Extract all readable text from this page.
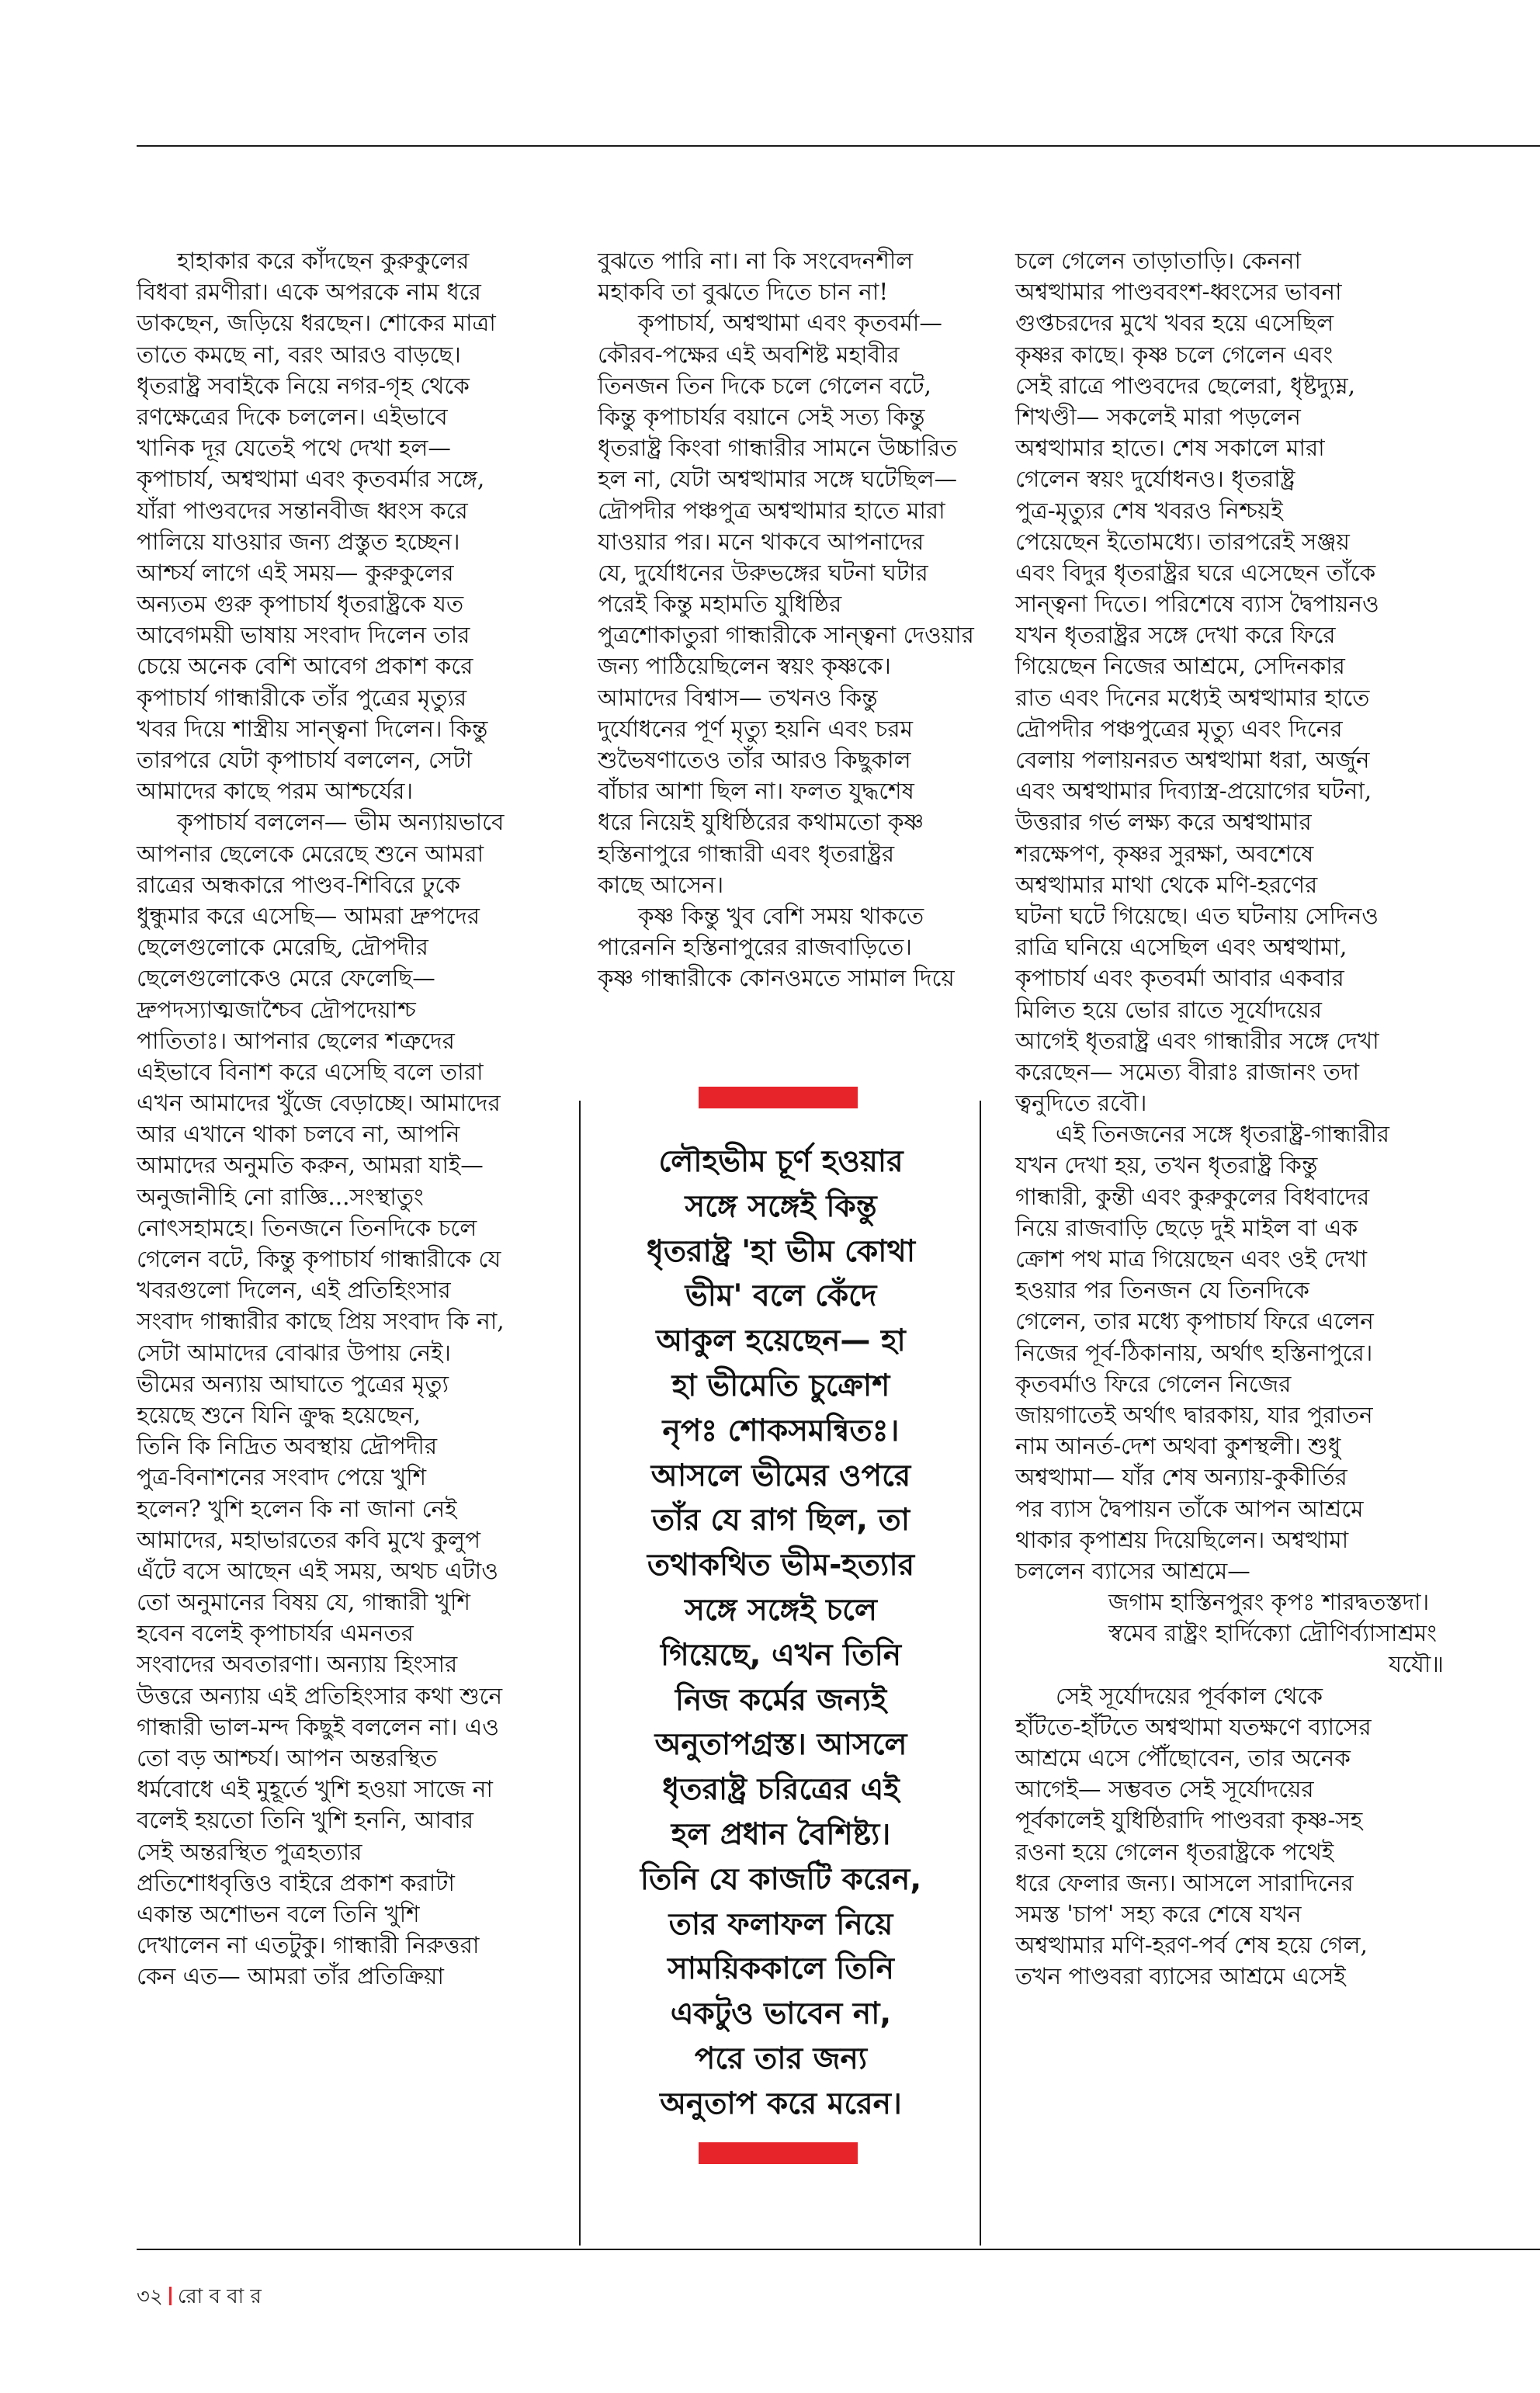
হাহাকার করে কাঁদছেন কুরুকুলের
বিধবা রমণীরা। একে অপরকে নাম ধরে
ডাকছেন, জড়িয়ে ধরছেন। শোকের মাত্রা
তাতে কমছে না, বরং আরও বাড়ছে।
ধৃতরাষ্ট্র সবাইকে নিয়ে নগর-গৃহ থেকে
রণক্ষেত্রের দিকে চললেন। এইভাবে
খানিক দূর যেতেই পথে দেখা হল—
কৃপাচার্য, অশ্বত্থামা এবং কৃতবর্মার সঙ্গে,
যাঁরা পাণ্ডবদের সন্তানবীজ ধ্বংস করে
পালিয়ে যাওয়ার জন্য প্রস্তুত হচ্ছেন।
আশ্চর্য লাগে এই সময়— কুরুকুলের
অন্যতম গুরু কৃপাচার্য ধৃতরাষ্ট্রকে যত
আবেগময়ী ভাষায় সংবাদ দিলেন তার
চেয়ে অনেক বেশি আবেগ প্রকাশ করে
কৃপাচার্য গান্ধারীকে তাঁর পুত্রের মৃত্যুর
খবর দিয়ে শাস্ত্রীয় সান্ত্বনা দিলেন। কিন্তু
তারপরে যেটা কৃপাচার্য বললেন, সেটা
আমাদের কাছে পরম আশ্চর্যের।
কৃপাচার্য বললেন— ভীম অন্যায়ভাবে
আপনার ছেলেকে মেরেছে শুনে আমরা
রাত্রের অন্ধকারে পাণ্ডব-শিবিরে ঢুকে
ধুন্ধুমার করে এসেছি— আমরা দ্রুপদের
ছেলেগুলোকে মেরেছি, দ্রৌপদীর
ছেলেগুলোকেও মেরে ফেলেছি—
দ্রুপদস্যাত্মজাশ্চৈব দ্রৌপদেয়াশ্চ
পাতিতাঃ। আপনার ছেলের শত্রুদের
এইভাবে বিনাশ করে এসেছি বলে তারা
এখন আমাদের খুঁজে বেড়াচ্ছে। আমাদের
আর এখানে থাকা চলবে না, আপনি
আমাদের অনুমতি করুন, আমরা যাই—
অনুজানীহি নো রাজ্ঞি...সংস্থাতুং
নোৎসহামহে। তিনজনে তিনদিকে চলে
গেলেন বটে, কিন্তু কৃপাচার্য গান্ধারীকে যে
খবরগুলো দিলেন, এই প্রতিহিংসার
সংবাদ গান্ধারীর কাছে প্রিয় সংবাদ কি না,
সেটা আমাদের বোঝার উপায় নেই।
ভীমের অন্যায় আঘাতে পুত্রের মৃত্যু
হয়েছে শুনে যিনি ক্রুদ্ধ হয়েছেন,
তিনি কি নিদ্রিত অবস্থায় দ্রৌপদীর
পুত্র-বিনাশনের সংবাদ পেয়ে খুশি
হলেন? খুশি হলেন কি না জানা নেই
আমাদের, মহাভারতের কবি মুখে কুলুপ
এঁটে বসে আছেন এই সময়, অথচ এটাও
তো অনুমানের বিষয় যে, গান্ধারী খুশি
হবেন বলেই কৃপাচার্যর এমনতর
সংবাদের অবতারণা। অন্যায় হিংসার
উত্তরে অন্যায় এই প্রতিহিংসার কথা শুনে
গান্ধারী ভাল-মন্দ কিছুই বললেন না। এও
তো বড় আশ্চর্য। আপন অন্তরস্থিত
ধর্মবোধে এই মুহূর্তে খুশি হওয়া সাজে না
বলেই হয়তো তিনি খুশি হননি, আবার
সেই অন্তরস্থিত পুত্রহত্যার
প্রতিশোধবৃত্তিও বাইরে প্রকাশ করাটা
একান্ত অশোভন বলে তিনি খুশি
দেখালেন না এতটুকু। গান্ধারী নিরুত্তরা
কেন এত— আমরা তাঁর প্রতিক্রিয়া
বুঝতে পারি না। না কি সংবেদনশীল
মহাকবি তা বুঝতে দিতে চান না!
কৃপাচার্য, অশ্বত্থামা এবং কৃতবর্মা—
কৌরব-পক্ষের এই অবশিষ্ট মহাবীর
তিনজন তিন দিকে চলে গেলেন বটে,
কিন্তু কৃপাচার্যর বয়ানে সেই সত্য কিন্তু
ধৃতরাষ্ট্র কিংবা গান্ধারীর সামনে উচ্চারিত
হল না, যেটা অশ্বত্থামার সঙ্গে ঘটেছিল—
দ্রৌপদীর পঞ্চপুত্র অশ্বত্থামার হাতে মারা
যাওয়ার পর। মনে থাকবে আপনাদের
যে, দুর্যোধনের উরুভঙ্গের ঘটনা ঘটার
পরেই কিন্তু মহামতি যুধিষ্ঠির
পুত্রশোকাতুরা গান্ধারীকে সান্ত্বনা দেওয়ার
জন্য পাঠিয়েছিলেন স্বয়ং কৃষ্ণকে।
আমাদের বিশ্বাস— তখনও কিন্তু
দুর্যোধনের পূর্ণ মৃত্যু হয়নি এবং চরম
শুভৈষণাতেও তাঁর আরও কিছুকাল
বাঁচার আশা ছিল না। ফলত যুদ্ধশেষ
ধরে নিয়েই যুধিষ্ঠিরের কথামতো কৃষ্ণ
হস্তিনাপুরে গান্ধারী এবং ধৃতরাষ্ট্রর
কাছে আসেন।
কৃষ্ণ কিন্তু খুব বেশি সময় থাকতে
পারেননি হস্তিনাপুরের রাজবাড়িতে।
কৃষ্ণ গান্ধারীকে কোনওমতে সামাল দিয়ে
লৌহভীম চূর্ণ হওয়ার
সঙ্গে সঙ্গেই কিন্তু
ধৃতরাষ্ট্র 'হা ভীম কোথা
ভীম' বলে কেঁদে
আকুল হয়েছেন— হা
হা ভীমেতি চুক্রোশ
নৃপঃ শোকসমন্বিতঃ।
আসলে ভীমের ওপরে
তাঁর যে রাগ ছিল, তা
তথাকথিত ভীম-হত্যার
সঙ্গে সঙ্গেই চলে
গিয়েছে, এখন তিনি
নিজ কর্মের জন্যই
অনুতাপগ্রস্ত। আসলে
ধৃতরাষ্ট্র চরিত্রের এই
হল প্রধান বৈশিষ্ট্য।
তিনি যে কাজটি করেন,
তার ফলাফল নিয়ে
সাময়িককালে তিনি
একটুও ভাবেন না,
পরে তার জন্য
অনুতাপ করে মরেন।
চলে গেলেন তাড়াতাড়ি। কেননা
অশ্বত্থামার পাণ্ডববংশ-ধ্বংসের ভাবনা
গুপ্তচরদের মুখে খবর হয়ে এসেছিল
কৃষ্ণর কাছে। কৃষ্ণ চলে গেলেন এবং
সেই রাত্রে পাণ্ডবদের ছেলেরা, ধৃষ্টদ্যুম্ন,
শিখণ্ডী— সকলেই মারা পড়লেন
অশ্বত্থামার হাতে। শেষ সকালে মারা
গেলেন স্বয়ং দুর্যোধনও। ধৃতরাষ্ট্র
পুত্র-মৃত্যুর শেষ খবরও নিশ্চয়ই
পেয়েছেন ইতোমধ্যে। তারপরেই সঞ্জয়
এবং বিদুর ধৃতরাষ্ট্রর ঘরে এসেছেন তাঁকে
সান্ত্বনা দিতে। পরিশেষে ব্যাস দ্বৈপায়নও
যখন ধৃতরাষ্ট্রর সঙ্গে দেখা করে ফিরে
গিয়েছেন নিজের আশ্রমে, সেদিনকার
রাত এবং দিনের মধ্যেই অশ্বত্থামার হাতে
দ্রৌপদীর পঞ্চপুত্রের মৃত্যু এবং দিনের
বেলায় পলায়নরত অশ্বত্থামা ধরা, অর্জুন
এবং অশ্বত্থামার দিব্যাস্ত্র-প্রয়োগের ঘটনা,
উত্তরার গর্ভ লক্ষ্য করে অশ্বত্থামার
শরক্ষেপণ, কৃষ্ণর সুরক্ষা, অবশেষে
অশ্বত্থামার মাথা থেকে মণি-হরণের
ঘটনা ঘটে গিয়েছে। এত ঘটনায় সেদিনও
রাত্রি ঘনিয়ে এসেছিল এবং অশ্বত্থামা,
কৃপাচার্য এবং কৃতবর্মা আবার একবার
মিলিত হয়ে ভোর রাতে সূর্যোদয়ের
আগেই ধৃতরাষ্ট্র এবং গান্ধারীর সঙ্গে দেখা
করেছেন— সমেত্য বীরাঃ রাজানং তদা
ত্বনুদিতে রবৌ।
এই তিনজনের সঙ্গে ধৃতরাষ্ট্র-গান্ধারীর
যখন দেখা হয়, তখন ধৃতরাষ্ট্র কিন্তু
গান্ধারী, কুন্তী এবং কুরুকুলের বিধবাদের
নিয়ে রাজবাড়ি ছেড়ে দুই মাইল বা এক
ক্রোশ পথ মাত্র গিয়েছেন এবং ওই দেখা
হওয়ার পর তিনজন যে তিনদিকে
গেলেন, তার মধ্যে কৃপাচার্য ফিরে এলেন
নিজের পূর্ব-ঠিকানায়, অর্থাৎ হস্তিনাপুরে।
কৃতবর্মাও ফিরে গেলেন নিজের
জায়গাতেই অর্থাৎ দ্বারকায়, যার পুরাতন
নাম আনর্ত-দেশ অথবা কুশস্থলী। শুধু
অশ্বত্থামা— যাঁর শেষ অন্যায়-কুকীর্তির
পর ব্যাস দ্বৈপায়ন তাঁকে আপন আশ্রমে
থাকার কৃপাশ্রয় দিয়েছিলেন। অশ্বত্থামা
চললেন ব্যাসের আশ্রমে—
জগাম হাস্তিনপুরং কৃপঃ শারদ্বতস্তদা।
স্বমেব রাষ্ট্রং হার্দিক্যো দ্রৌণির্ব্যাসাশ্রমং
যযৌ॥
সেই সূর্যোদয়ের পূর্বকাল থেকে
হাঁটতে-হাঁটতে অশ্বত্থামা যতক্ষণে ব্যাসের
আশ্রমে এসে পৌঁছোবেন, তার অনেক
আগেই— সম্ভবত সেই সূর্যোদয়ের
পূর্বকালেই যুধিষ্ঠিরাদি পাণ্ডবরা কৃষ্ণ-সহ
রওনা হয়ে গেলেন ধৃতরাষ্ট্রকে পথেই
ধরে ফেলার জন্য। আসলে সারাদিনের
সমস্ত 'চাপ' সহ্য করে শেষে যখন
অশ্বত্থামার মণি-হরণ-পর্ব শেষ হয়ে গেল,
তখন পাণ্ডবরা ব্যাসের আশ্রমে এসেই
৩২ রো ব বা র
